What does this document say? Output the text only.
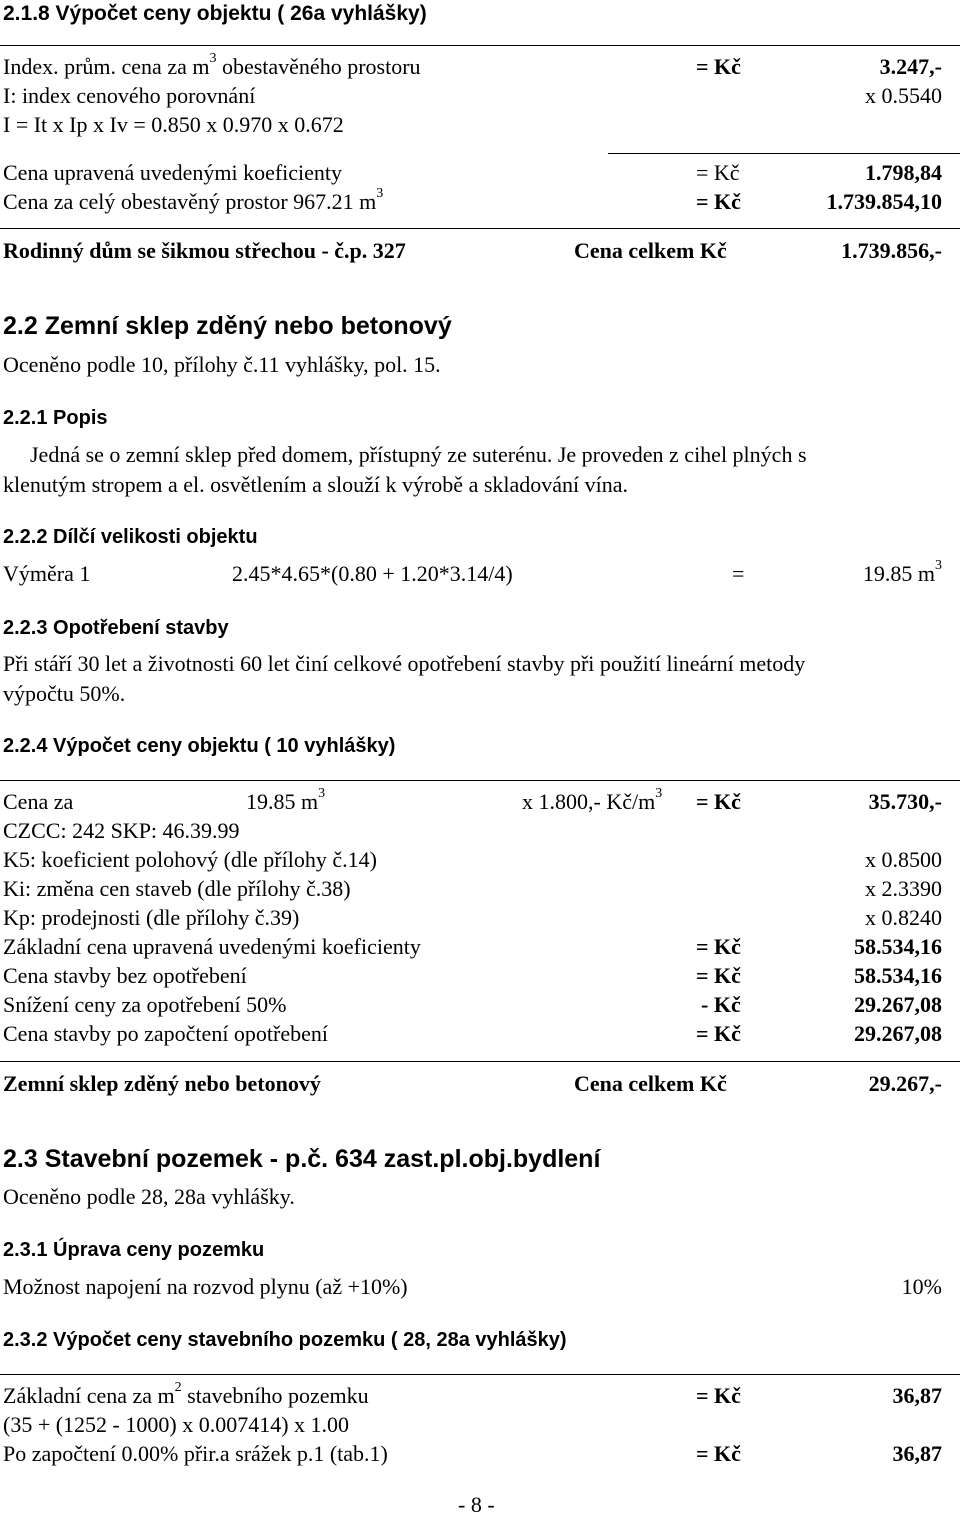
2.1.8 Výpočet ceny objektu ( 26a vyhlášky)
Index. prům. cena za $m^3$ obestavěného prostoru	= Kč	3.247,-
I: index cenového porovnání	x 0.5540
I = It x Ip x Iv = 0.850 x 0.970 x 0.672
Cena upravená uvedenými koeficienty	= Kč	1.798,84
Cena za celý obestavěný prostor 967.21 $m^3$	= Kč	1.739.854,10
Rodinný dům se šikmou střechou - č.p. 327	Cena celkem Kč	1.739.856,-
2.2 Zemní sklep zděný nebo betonový
Oceněno podle 10, přílohy č.11 vyhlášky, pol. 15.
2.2.1 Popis
Jedná se o zemní sklep před domem, přístupný ze suterénu. Je proveden z cihel plných s
klenutým stropem a el. osvětlením a slouží k výrobě a skladování vína.
2.2.2 Dílčí velikosti objektu
Výměra 1	2.45*4.65*(0.80 + 1.20*3.14/4)	=	19.85 $m^3$
2.2.3 Opotřebení stavby
Při stáří 30 let a životnosti 60 let činí celkové opotřebení stavby při použití lineární metody
výpočtu 50%.
2.2.4 Výpočet ceny objektu ( 10 vyhlášky)
Cena za	19.85 $m^3$	x 1.800,- $Kč/m^3$ = Kč	35.730,-
CZCC: 242 SKP: 46.39.99
K5: koeficient polohový (dle přílohy č.14)	x 0.8500
Ki: změna cen staveb (dle přílohy č.38)	x 2.3390
Kp: prodejnosti (dle přílohy č.39)	x 0.8240
Základní cena upravená uvedenými koeficienty	= Kč	58.534,16
Cena stavby bez opotřebení	= Kč	58.534,16
Snížení ceny za opotřebení 50%	- Kč	29.267,08
Cena stavby po započtení opotřebení	= Kč	29.267,08
Zemní sklep zděný nebo betonový	Cena celkem Kč	29.267,-
2.3 Stavební pozemek - p.č. 634 zast.pl.obj.bydlení
Oceněno podle 28, 28a vyhlášky.
2.3.1 Úprava ceny pozemku
Možnost napojení na rozvod plynu (až +10%)	10%
2.3.2 Výpočet ceny stavebního pozemku ( 28, 28a vyhlášky)
Základní cena za $m^2$ stavebního pozemku	= Kč	36,87
(35 + (1252 - 1000) x 0.007414) x 1.00
Po započtení 0.00% přir.a srážek p.1 (tab.1)	= Kč	36,87
- 8 -
